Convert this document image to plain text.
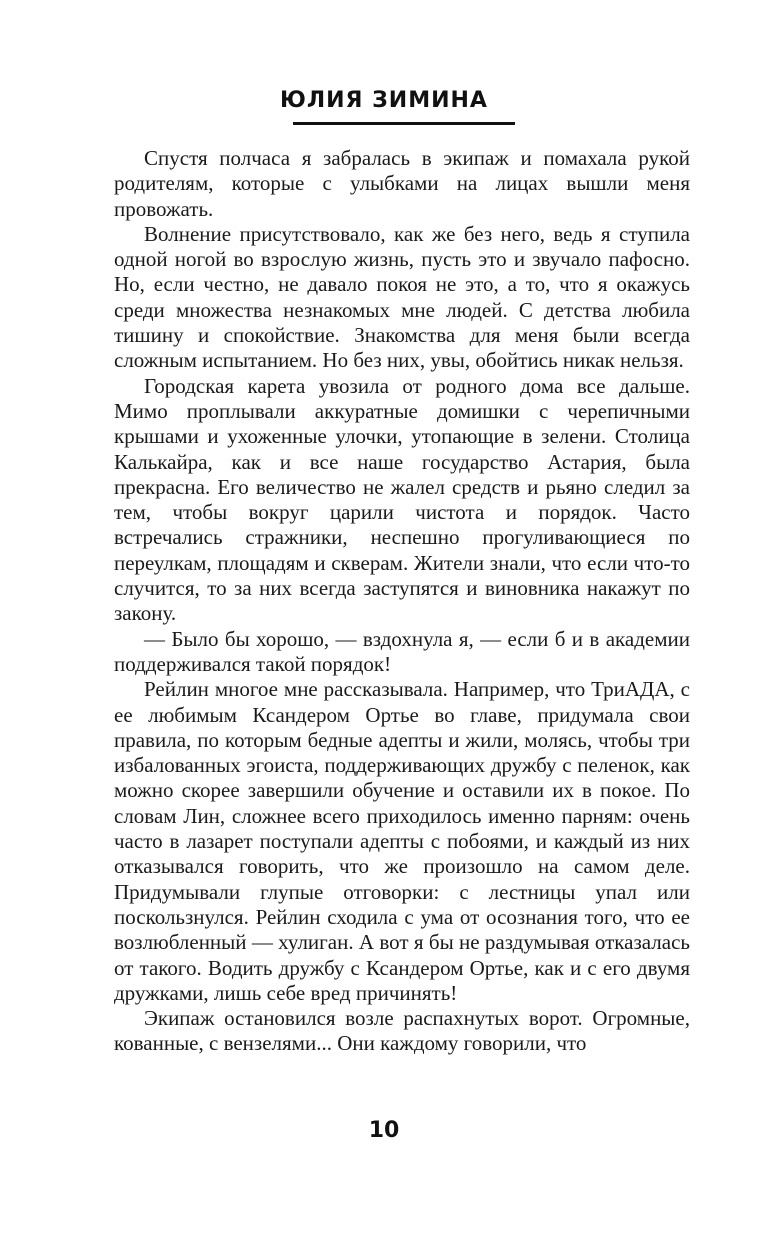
ЮЛИЯ ЗИМИНА

Спустя полчаса я забралась в экипаж и помахала рукой родителям, которые с улыбками на лицах вышли меня провожать.

Волнение присутствовало, как же без него, ведь я ступила одной ногой во взрослую жизнь, пусть это и звучало пафосно. Но, если честно, не давало покоя не это, а то, что я окажусь среди множества незнакомых мне людей. С детства любила тишину и спокойствие. Знакомства для меня были всегда сложным испытанием. Но без них, увы, обойтись никак нельзя.

Городская карета увозила от родного дома все дальше. Мимо проплывали аккуратные домишки с черепичными крышами и ухоженные улочки, утопающие в зелени. Столица Калькайра, как и все наше государство Астария, была прекрасна. Его величество не жалел средств и рьяно следил за тем, чтобы вокруг царили чистота и порядок. Часто встречались стражники, неспешно прогуливающиеся по переулкам, площадям и скверам. Жители знали, что если что-то случится, то за них всегда заступятся и виновника накажут по закону.

— Было бы хорошо, — вздохнула я, — если б и в академии поддерживался такой порядок!

Рейлин многое мне рассказывала. Например, что ТриАДА, с ее любимым Ксандером Ортье во главе, придумала свои правила, по которым бедные адепты и жили, молясь, чтобы три избалованных эгоиста, поддерживающих дружбу с пеленок, как можно скорее завершили обучение и оставили их в покое. По словам Лин, сложнее всего приходилось именно парням: очень часто в лазарет поступали адепты с побоями, и каждый из них отказывался говорить, что же произошло на самом деле. Придумывали глупые отговорки: с лестницы упал или поскользнулся. Рейлин сходила с ума от осознания того, что ее возлюбленный — хулиган. А вот я бы не раздумывая отказалась от такого. Водить дружбу с Ксандером Ортье, как и с его двумя дружками, лишь себе вред причинять!

Экипаж остановился возле распахнутых ворот. Огромные, кованные, с вензелями... Они каждому говорили, что

10
